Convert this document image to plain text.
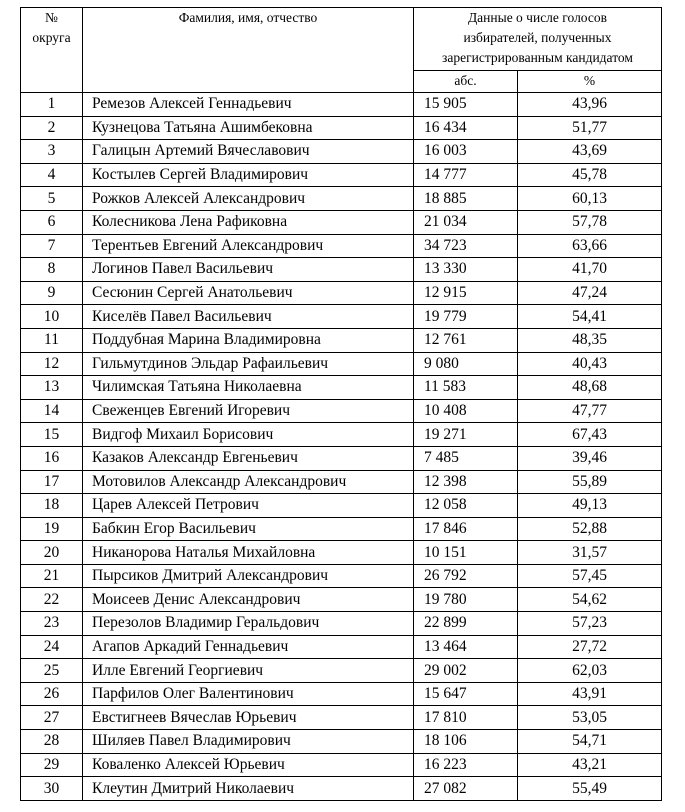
№
округа	Фамилия, имя, отчество	Данные о числе голосов
избирателей, полученных
зарегистрированным кандидатом	
		абс.	%
1	Ремезов Алексей Геннадьевич	15 905	43,96
2	Кузнецова Татьяна Ашимбековна	16 434	51,77
3	Галицын Артемий Вячеславович	16 003	43,69
4	Костылев Сергей Владимирович	14 777	45,78
5	Рожков Алексей Александрович	18 885	60,13
6	Колесникова Лена Рафиковна	21 034	57,78
7	Терентьев Евгений Александрович	34 723	63,66
8	Логинов Павел Васильевич	13 330	41,70
9	Сесюнин Сергей Анатольевич	12 915	47,24
10	Киселёв Павел Васильевич	19 779	54,41
11	Поддубная Марина Владимировна	12 761	48,35
12	Гильмутдинов Эльдар Рафаильевич	9 080	40,43
13	Чилимская Татьяна Николаевна	11 583	48,68
14	Свеженцев Евгений Игоревич	10 408	47,77
15	Видгоф Михаил Борисович	19 271	67,43
16	Казаков Александр Евгеньевич	7 485	39,46
17	Мотовилов Александр Александрович	12 398	55,89
18	Царев Алексей Петрович	12 058	49,13
19	Бабкин Егор Васильевич	17 846	52,88
20	Никанорова Наталья Михайловна	10 151	31,57
21	Пырсиков Дмитрий Александрович	26 792	57,45
22	Моисеев Денис Александрович	19 780	54,62
23	Перезолов Владимир Геральдович	22 899	57,23
24	Агапов Аркадий Геннадьевич	13 464	27,72
25	Илле Евгений Георгиевич	29 002	62,03
26	Парфилов Олег Валентинович	15 647	43,91
27	Евстигнеев Вячеслав Юрьевич	17 810	53,05
28	Шиляев Павел Владимирович	18 106	54,71
29	Коваленко Алексей Юрьевич	16 223	43,21
30	Клеутин Дмитрий Николаевич	27 082	55,49
